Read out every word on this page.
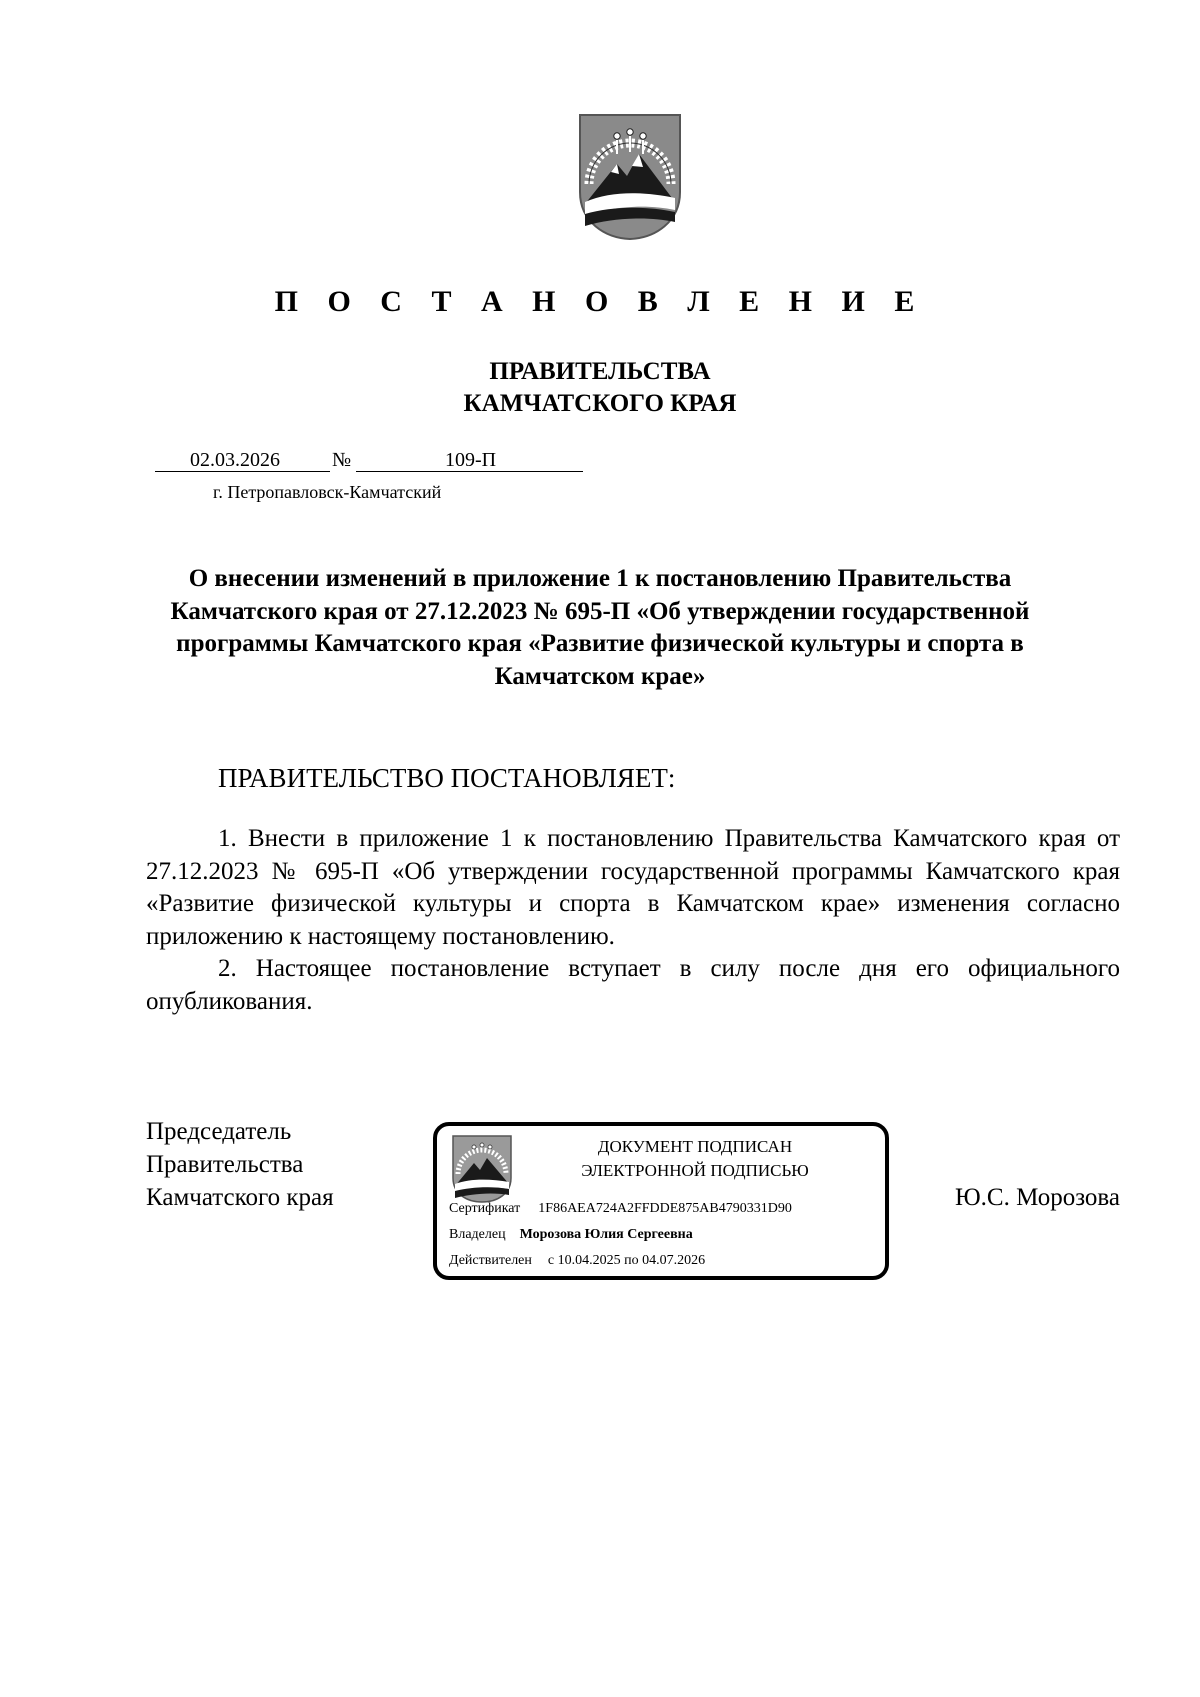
П О С Т А Н О В Л Е Н И Е
ПРАВИТЕЛЬСТВА
КАМЧАТСКОГО КРАЯ
02.03.2026	№	109-П
г. Петропавловск-Камчатский
О внесении изменений в приложение 1 к постановлению Правительства Камчатского края от 27.12.2023 № 695-П «Об утверждении государственной программы Камчатского края «Развитие физической культуры и спорта в Камчатском крае»
ПРАВИТЕЛЬСТВО ПОСТАНОВЛЯЕТ:

1. Внести в приложение 1 к постановлению Правительства Камчатского края от 27.12.2023 № 695-П «Об утверждении государственной программы Камчатского края «Развитие физической культуры и спорта в Камчатском крае» изменения согласно приложению к настоящему постановлению.

2. Настоящее постановление вступает в силу после дня его официального опубликования.

Председатель
Правительства
Камчатского края	Ю.С. Морозова
ДОКУМЕНТ ПОДПИСАН
ЭЛЕКТРОННОЙ ПОДПИСЬЮ
Сертификат 1F86AEA724A2FFDDE875AB4790331D90
Владелец Морозова Юлия Сергеевна
Действителен с 10.04.2025 по 04.07.2026
